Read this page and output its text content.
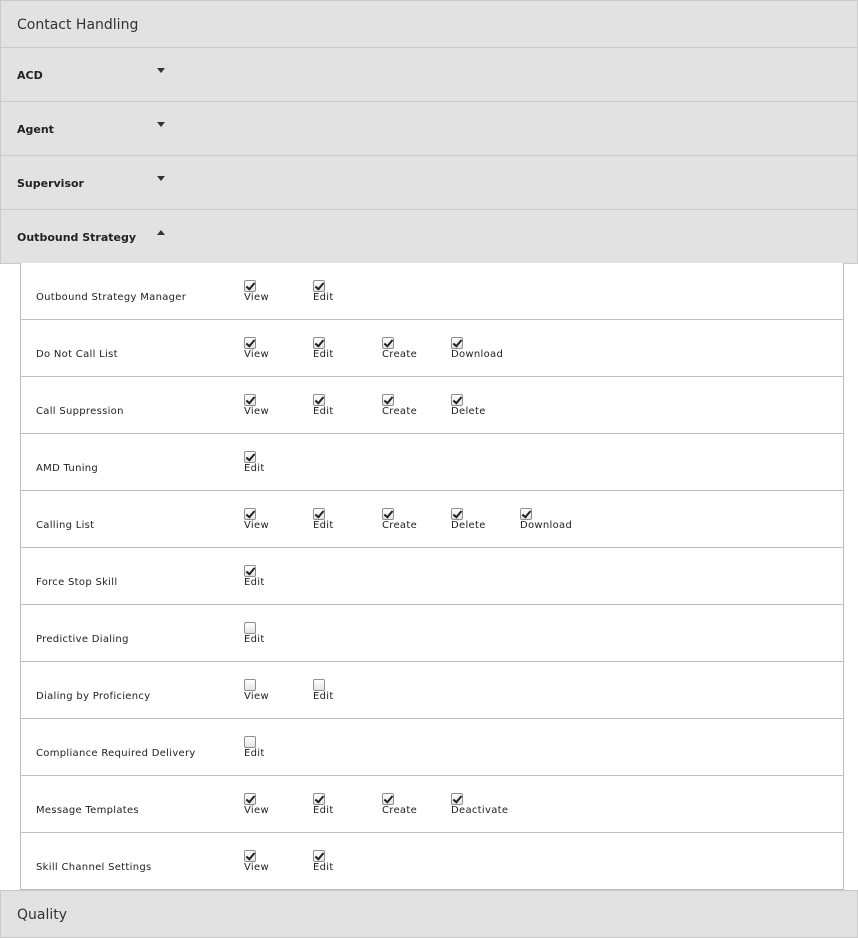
Contact Handling
ACD
Agent
Supervisor
Outbound Strategy
Outbound Strategy Manager	View	Edit
Do Not Call List	View	Edit	Create	Download
Call Suppression	View	Edit	Create	Delete
AMD Tuning	Edit
Calling List	View	Edit	Create	Delete	Download
Force Stop Skill	Edit
Predictive Dialing	Edit
Dialing by Proficiency	View	Edit
Compliance Required Delivery	Edit
Message Templates	View	Edit	Create	Deactivate
Skill Channel Settings	View	Edit
Quality
